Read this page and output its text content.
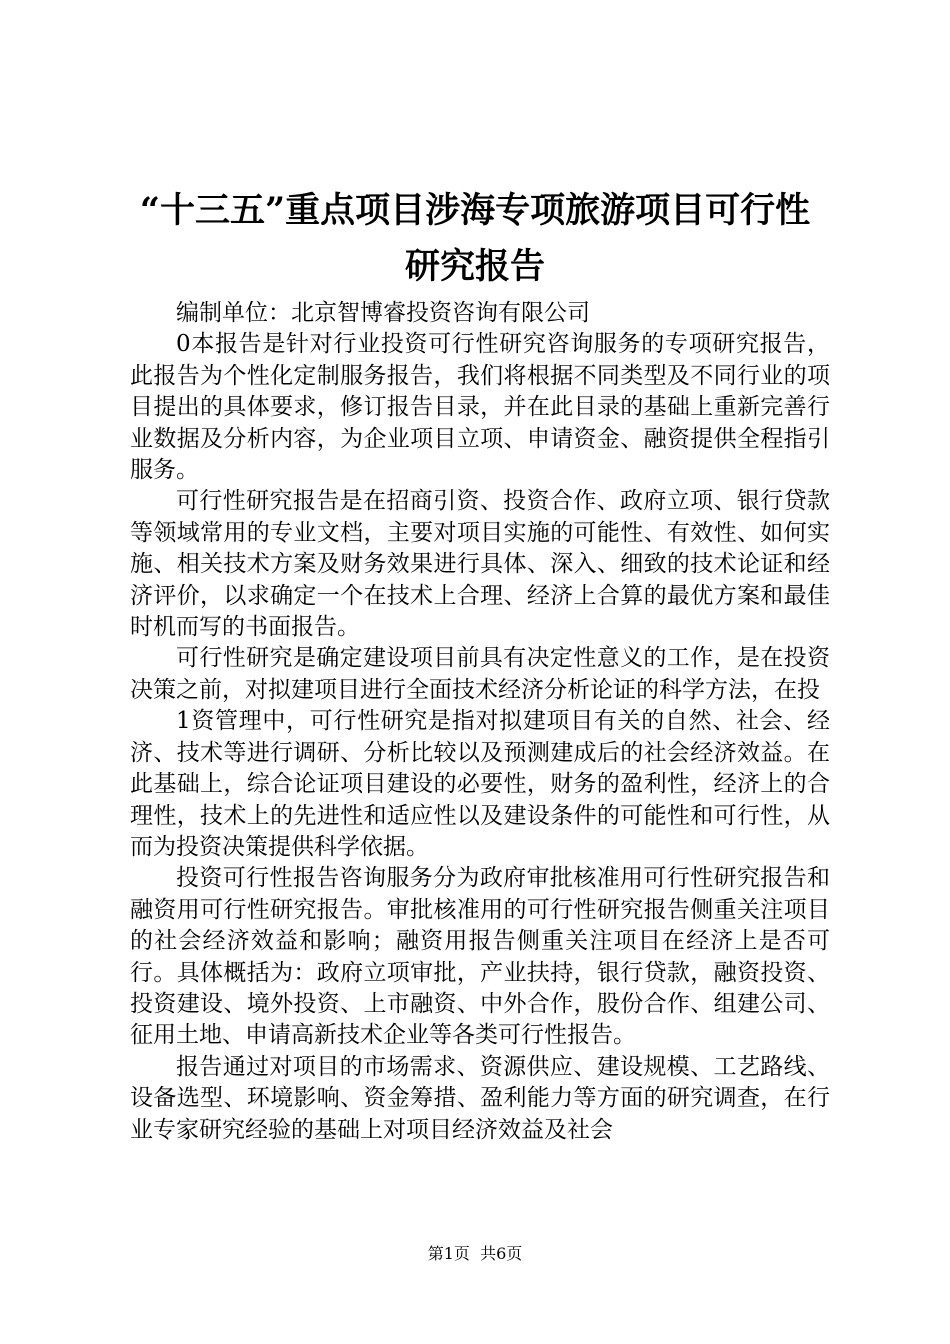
“十三五”重点项目涉海专项旅游项目可行性
研究报告

编制单位：北京智博睿投资咨询有限公司

0本报告是针对行业投资可行性研究咨询服务的专项研究报告，此报告为个性化定制服务报告，我们将根据不同类型及不同行业的项目提出的具体要求，修订报告目录，并在此目录的基础上重新完善行业数据及分析内容，为企业项目立项、申请资金、融资提供全程指引服务。

可行性研究报告是在招商引资、投资合作、政府立项、银行贷款等领域常用的专业文档，主要对项目实施的可能性、有效性、如何实施、相关技术方案及财务效果进行具体、深入、细致的技术论证和经济评价，以求确定一个在技术上合理、经济上合算的最优方案和最佳时机而写的书面报告。

可行性研究是确定建设项目前具有决定性意义的工作，是在投资决策之前，对拟建项目进行全面技术经济分析论证的科学方法，在投

1资管理中，可行性研究是指对拟建项目有关的自然、社会、经济、技术等进行调研、分析比较以及预测建成后的社会经济效益。在此基础上，综合论证项目建设的必要性，财务的盈利性，经济上的合理性，技术上的先进性和适应性以及建设条件的可能性和可行性，从而为投资决策提供科学依据。

投资可行性报告咨询服务分为政府审批核准用可行性研究报告和融资用可行性研究报告。审批核准用的可行性研究报告侧重关注项目的社会经济效益和影响；融资用报告侧重关注项目在经济上是否可行。具体概括为：政府立项审批，产业扶持，银行贷款，融资投资、投资建设、境外投资、上市融资、中外合作，股份合作、组建公司、征用土地、申请高新技术企业等各类可行性报告。

报告通过对项目的市场需求、资源供应、建设规模、工艺路线、设备选型、环境影响、资金筹措、盈利能力等方面的研究调查，在行业专家研究经验的基础上对项目经济效益及社会

第1页  共6页
